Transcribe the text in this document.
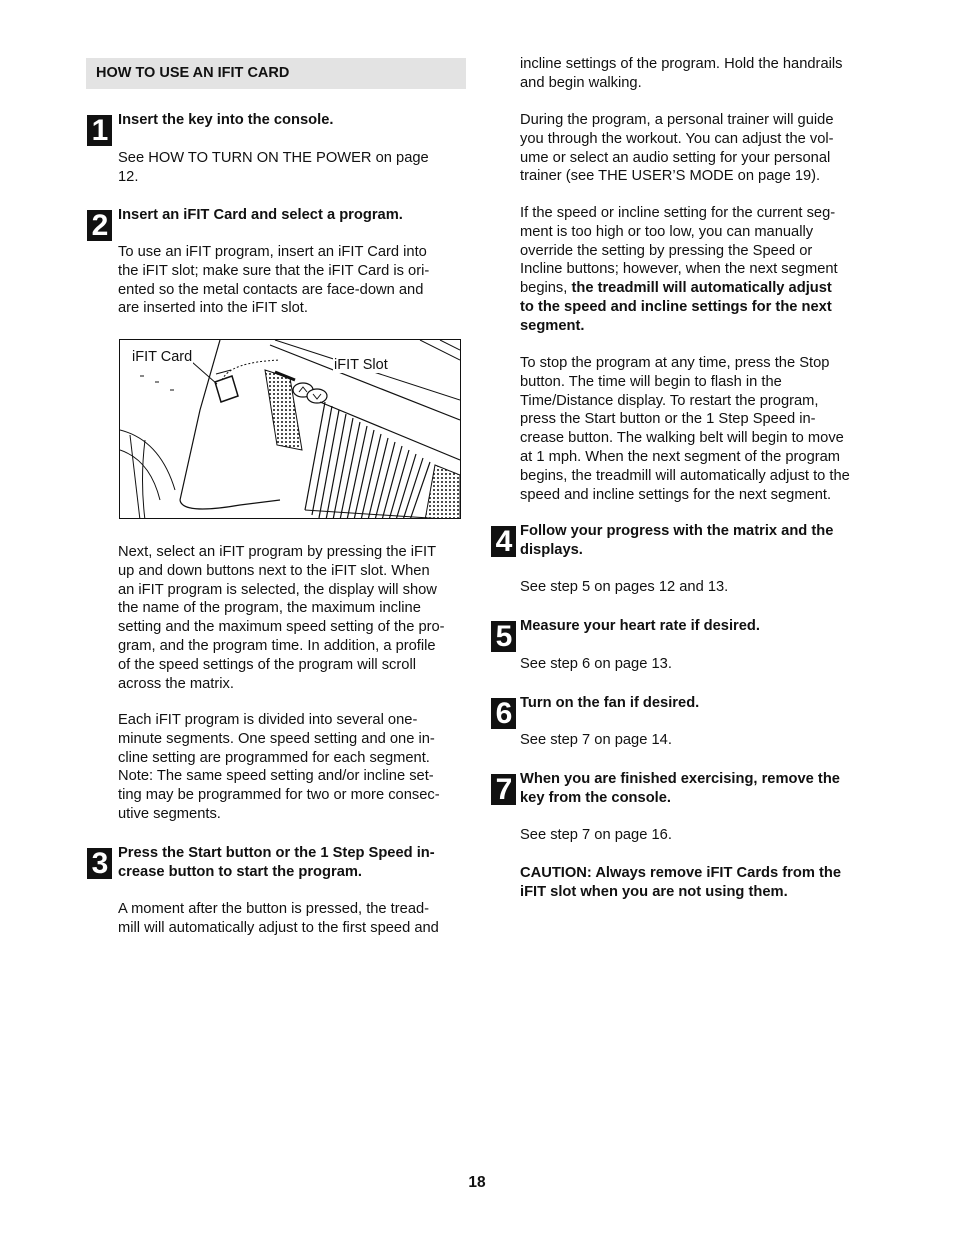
HOW TO USE AN IFIT CARD
1 Insert the key into the console.

See HOW TO TURN ON THE POWER on page
12.
2 Insert an iFIT Card and select a program.

To use an iFIT program, insert an iFIT Card into
the iFIT slot; make sure that the iFIT Card is ori-
ented so the metal contacts are face-down and
are inserted into the iFIT slot.
iFIT Card	iFIT Slot
Next, select an iFIT program by pressing the iFIT
up and down buttons next to the iFIT slot. When
an iFIT program is selected, the display will show
the name of the program, the maximum incline
setting and the maximum speed setting of the pro-
gram, and the program time. In addition, a profile
of the speed settings of the program will scroll
across the matrix.
Each iFIT program is divided into several one-
minute segments. One speed setting and one in-
cline setting are programmed for each segment.
Note: The same speed setting and/or incline set-
ting may be programmed for two or more consec-
utive segments.
3 Press the Start button or the 1 Step Speed in-
crease button to start the program.
A moment after the button is pressed, the tread-
mill will automatically adjust to the first speed and
incline settings of the program. Hold the handrails
and begin walking.
During the program, a personal trainer will guide
you through the workout. You can adjust the vol-
ume or select an audio setting for your personal
trainer (see THE USER’S MODE on page 19).
If the speed or incline setting for the current seg-
ment is too high or too low, you can manually
override the setting by pressing the Speed or
Incline buttons; however, when the next segment
begins, the treadmill will automatically adjust
to the speed and incline settings for the next
segment.
To stop the program at any time, press the Stop
button. The time will begin to flash in the
Time/Distance display. To restart the program,
press the Start button or the 1 Step Speed in-
crease button. The walking belt will begin to move
at 1 mph. When the next segment of the program
begins, the treadmill will automatically adjust to the
speed and incline settings for the next segment.
4 Follow your progress with the matrix and the
displays.

See step 5 on pages 12 and 13.

5 Measure your heart rate if desired.

See step 6 on page 13.

6 Turn on the fan if desired.

See step 7 on page 14.

7 When you are finished exercising, remove the
key from the console.

See step 7 on page 16.

CAUTION: Always remove iFIT Cards from the
iFIT slot when you are not using them.
18
